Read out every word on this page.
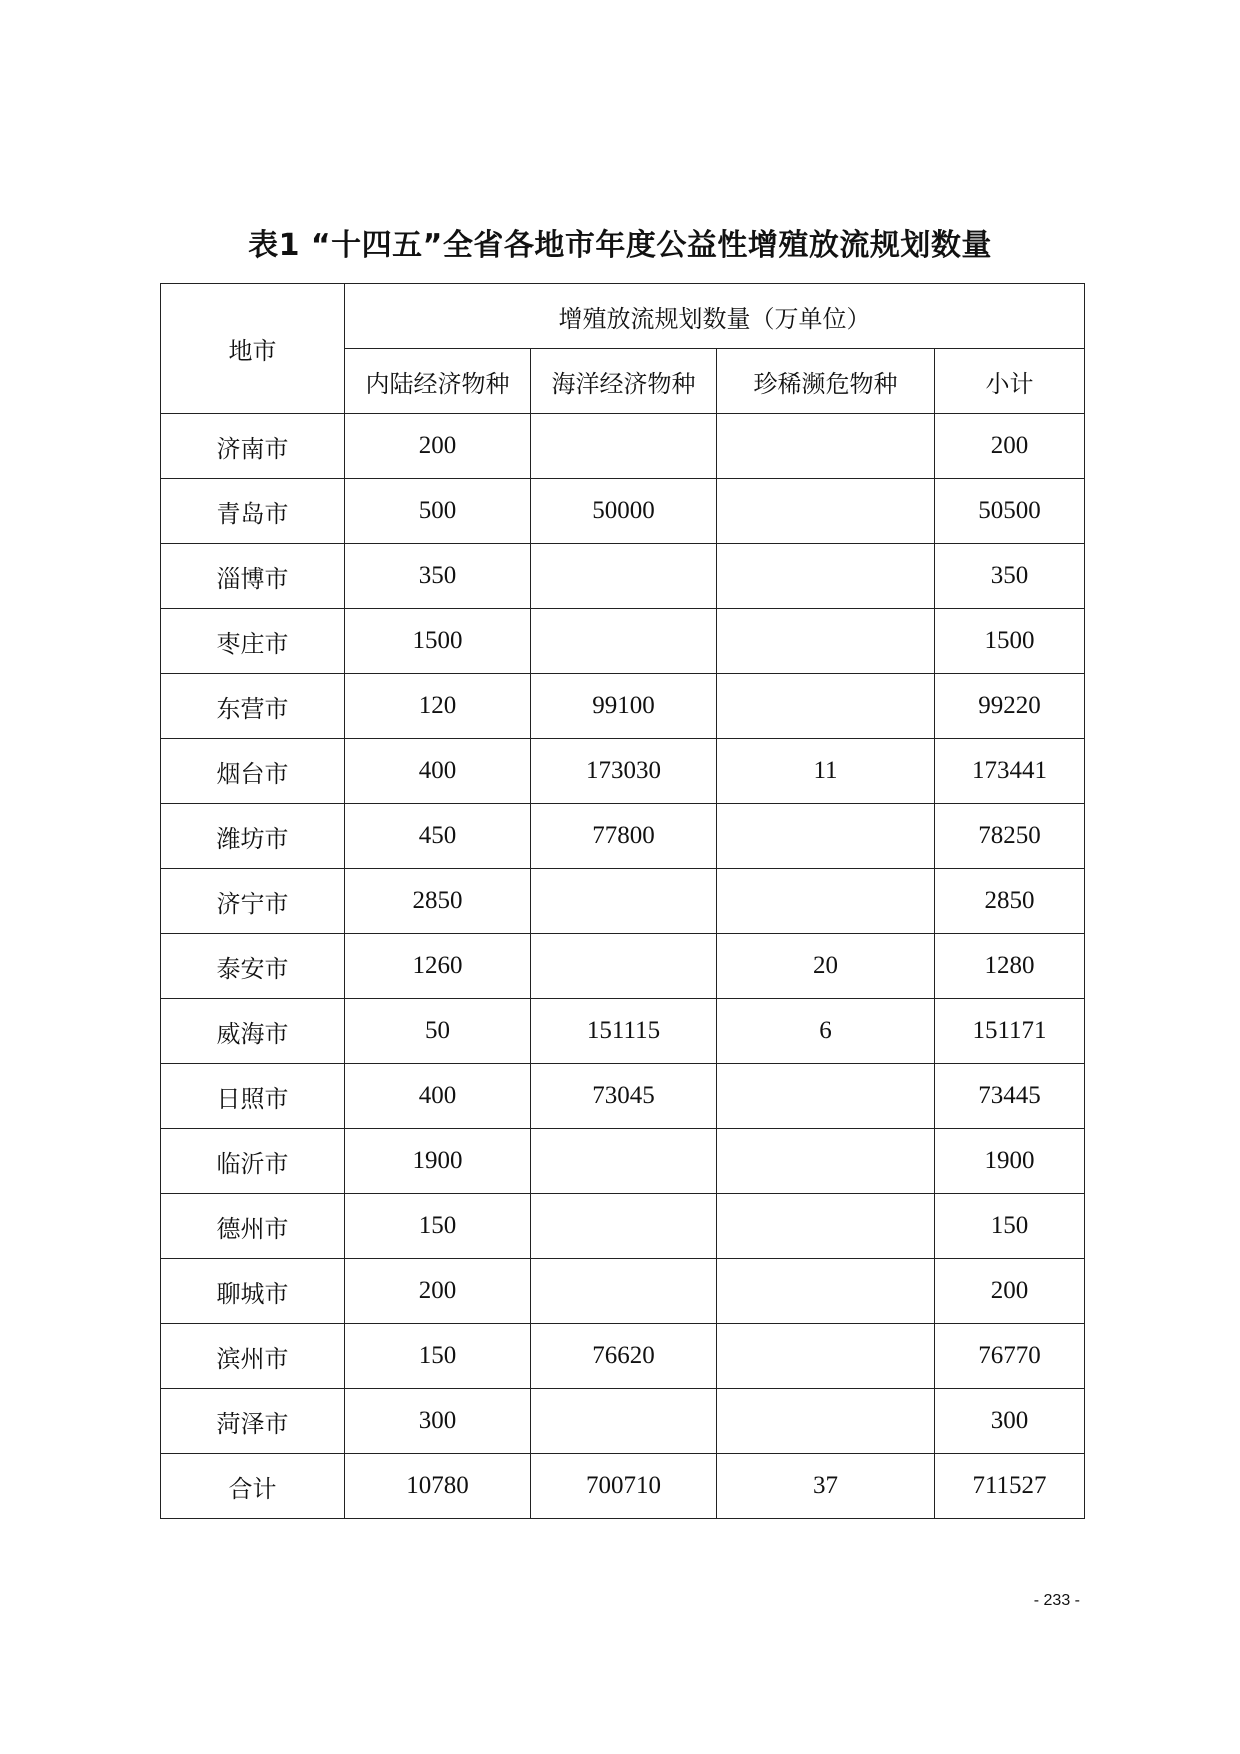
表1 “十四五”全省各地市年度公益性增殖放流规划数量
地市	增殖放流规划数量（万单位）			
	内陆经济物种	海洋经济物种	珍稀濒危物种	小计
济南市	200			200
青岛市	500	50000		50500
淄博市	350			350
枣庄市	1500			1500
东营市	120	99100		99220
烟台市	400	173030	11	173441
潍坊市	450	77800		78250
济宁市	2850			2850
泰安市	1260		20	1280
威海市	50	151115	6	151171
日照市	400	73045		73445
临沂市	1900			1900
德州市	150			150
聊城市	200			200
滨州市	150	76620		76770
菏泽市	300			300
合计	10780	700710	37	711527
- 233 -
